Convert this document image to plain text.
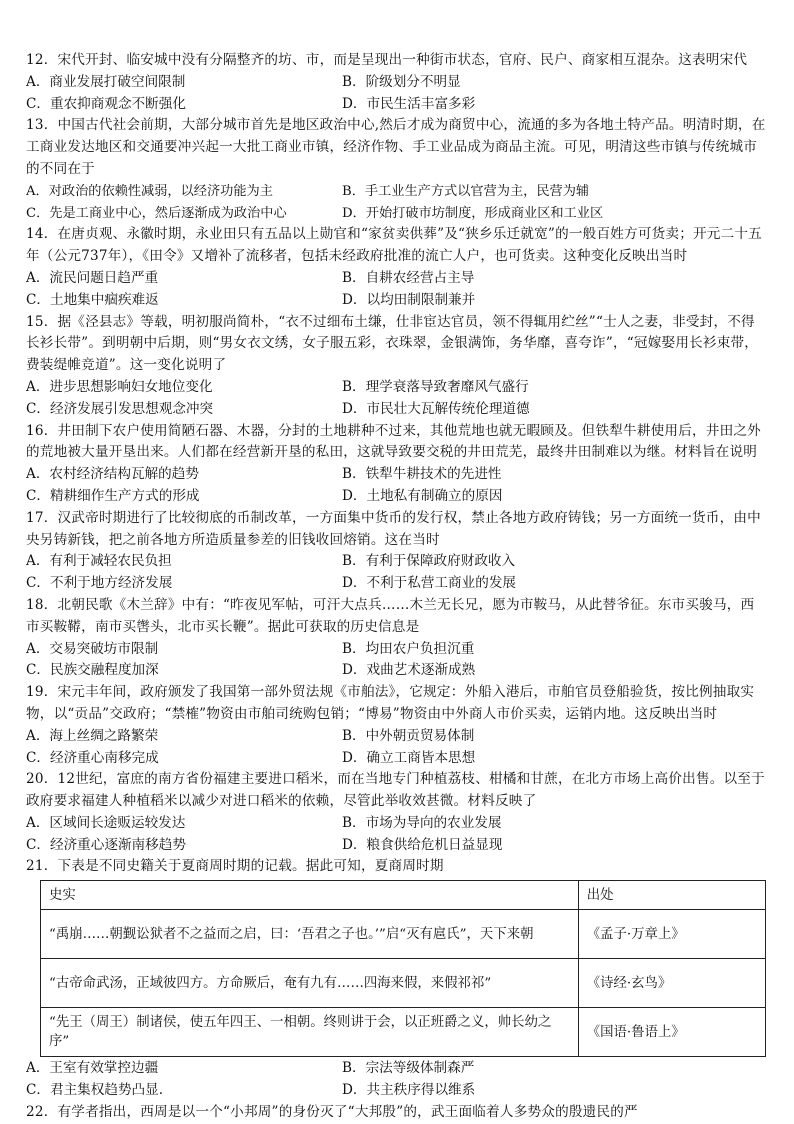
12．宋代开封、临安城中没有分隔整齐的坊、市，而是呈现出一种街市状态，官府、民户、商家相互混杂。这表明宋代
A．商业发展打破空间限制	B．阶级划分不明显
C．重农抑商观念不断强化	D．市民生活丰富多彩
13．中国古代社会前期，大部分城市首先是地区政治中心,然后才成为商贸中心，流通的多为各地土特产品。明清时期，在工商业发达地区和交通要冲兴起一大批工商业市镇，经济作物、手工业品成为商品主流。可见，明清这些市镇与传统城市的不同在于
A．对政治的依赖性减弱，以经济功能为主	B．手工业生产方式以官营为主，民营为辅
C．先是工商业中心，然后逐渐成为政治中心	D．开始打破市坊制度，形成商业区和工业区
14．在唐贞观、永徽时期，永业田只有五品以上勋官和“家贫卖供葬”及“狭乡乐迁就宽”的一般百姓方可货卖；开元二十五年（公元737年），《田令》又增补了流移者，包括未经政府批准的流亡人户，也可货卖。这种变化反映出当时
A．流民问题日趋严重	B．自耕农经营占主导
C．土地集中痼疾难返	D．以均田制限制兼并
15．据《泾县志》等载，明初服尚简朴，“衣不过细布土缣，仕非宦达官员，领不得辄用纻丝”“士人之妻，非受封，不得长衫长带”。到明朝中后期，则“男女衣文绣，女子服五彩，衣珠翠，金银满饰，务华靡，喜夸诈”，“冠嫁娶用长衫束带，费装缇帷竞道”。这一变化说明了
A．进步思想影响妇女地位变化	B．理学衰落导致奢靡风气盛行
C．经济发展引发思想观念冲突	D．市民壮大瓦解传统伦理道德
16．井田制下农户使用简陋石器、木器，分封的土地耕种不过来，其他荒地也就无暇顾及。但铁犁牛耕使用后，井田之外的荒地被大量开垦出来。人们都在经营新开垦的私田，这就导致要交税的井田荒芜，最终井田制难以为继。材料旨在说明
A．农村经济结构瓦解的趋势	B．铁犁牛耕技术的先进性
C．精耕细作生产方式的形成	D．土地私有制确立的原因
17．汉武帝时期进行了比较彻底的币制改革，一方面集中货币的发行权，禁止各地方政府铸钱；另一方面统一货币，由中央另铸新钱，把之前各地方所造质量参差的旧钱收回熔销。这在当时
A．有利于减轻农民负担	B．有利于保障政府财政收入
C．不利于地方经济发展	D．不利于私营工商业的发展
18．北朝民歌《木兰辞》中有：“昨夜见军帖，可汗大点兵……木兰无长兄，愿为市鞍马，从此替爷征。东市买骏马，西市买鞍鞯，南市买辔头，北市买长鞭”。据此可获取的历史信息是
A．交易突破坊市限制	B．均田农户负担沉重
C．民族交融程度加深	D．戏曲艺术逐渐成熟
19．宋元丰年间，政府颁发了我国第一部外贸法规《市舶法》，它规定：外船入港后，市舶官员登船验货，按比例抽取实物，以“贡品”交政府；“禁榷”物资由市舶司统购包销；“博易”物资由中外商人市价买卖，运销内地。这反映出当时
A．海上丝绸之路繁荣	B．中外朝贡贸易体制
C．经济重心南移完成	D．确立工商皆本思想
20．12世纪，富庶的南方省份福建主要进口稻米，而在当地专门种植荔枝、柑橘和甘蔗，在北方市场上高价出售。以至于政府要求福建人种植稻米以减少对进口稻米的依赖，尽管此举收效甚微。材料反映了
A．区域间长途贩运较发达	B．市场为导向的农业发展
C．经济重心逐渐南移趋势	D．粮食供给危机日益显现
21．下表是不同史籍关于夏商周时期的记载。据此可知，夏商周时期
史实	出处
“禹崩……朝觐讼狱者不之益而之启，曰：‘吾君之子也。’”启“灭有扈氏”，天下来朝	《孟子·万章上》
“古帝命武汤，正域彼四方。方命厥后，奄有九有……四海来假，来假祁祁”	《诗经·玄鸟》
“先王（周王）制诸侯，使五年四王、一相朝。终则讲于会，以正班爵之义，帅长幼之序”	《国语·鲁语上》
A．王室有效掌控边疆	B．宗法等级体制森严
C．君主集权趋势凸显.	D．共主秩序得以维系
22．有学者指出，西周是以一个“小邦周”的身份灭了“大邦殷”的，武王面临着人多势众的殷遗民的严
